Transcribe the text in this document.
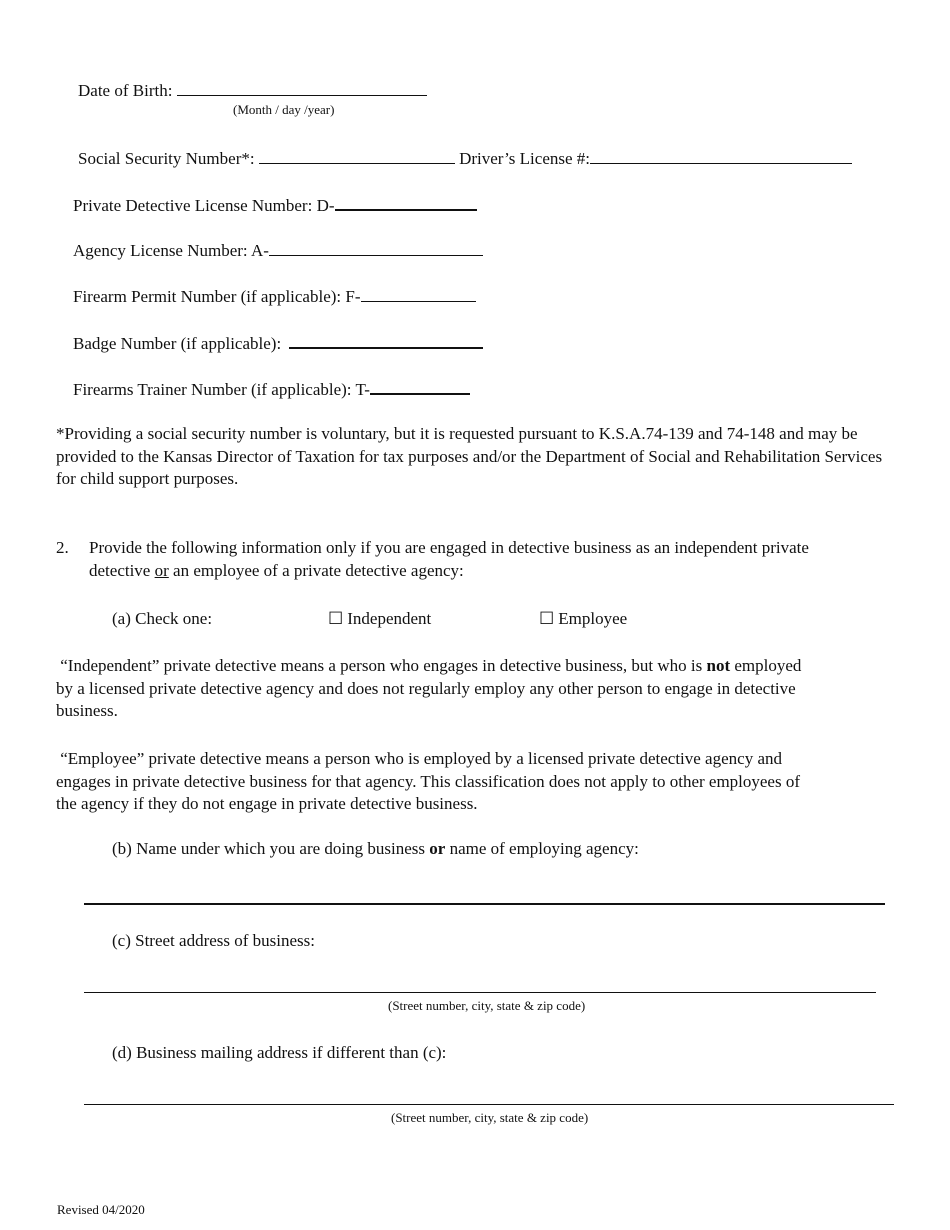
Date of Birth:
(Month / day /year)
Social Security Number*:	Driver’s License #:
Private Detective License Number: D-
Agency License Number: A-
Firearm Permit Number (if applicable): F-
Badge Number (if applicable):
Firearms Trainer Number (if applicable): T-
*Providing a social security number is voluntary, but it is requested pursuant to K.S.A.74-139 and 74-148 and may be provided to the Kansas Director of Taxation for tax purposes and/or the Department of Social and Rehabilitation Services for child support purposes.
2. Provide the following information only if you are engaged in detective business as an independent private detective or an employee of a private detective agency:
(a) Check one:	☐ Independent	☐ Employee
“Independent” private detective means a person who engages in detective business, but who is not employed by a licensed private detective agency and does not regularly employ any other person to engage in detective business.
“Employee” private detective means a person who is employed by a licensed private detective agency and engages in private detective business for that agency. This classification does not apply to other employees of the agency if they do not engage in private detective business.
(b) Name under which you are doing business or name of employing agency:
(c) Street address of business:
(Street number, city, state & zip code)
(d) Business mailing address if different than (c):
(Street number, city, state & zip code)
Revised 04/2020
